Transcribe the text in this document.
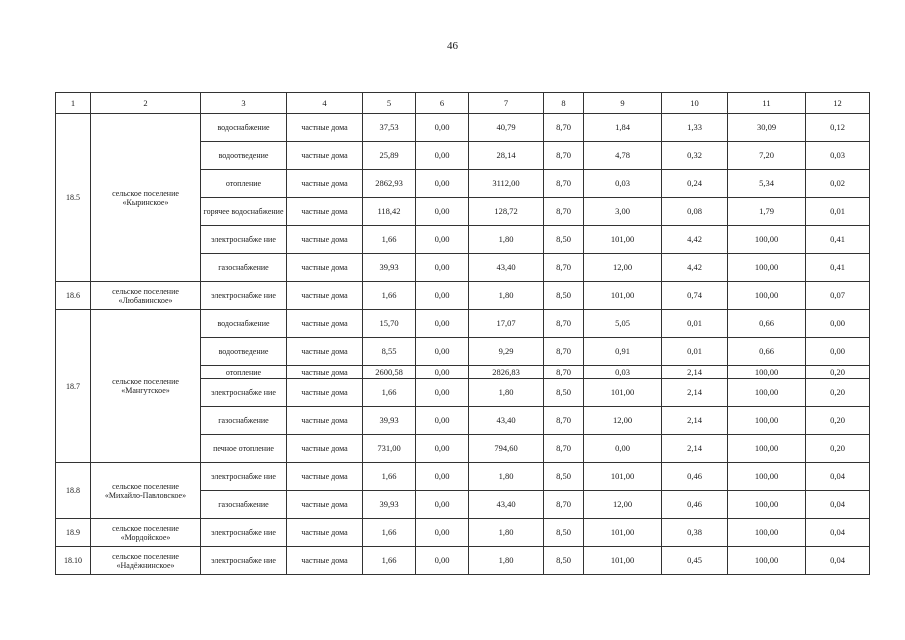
46
1	2	3	4	5	6	7	8	9	10	11	12
18.5	сельское поселение «Кыринское»	водоснабжение	частные дома	37,53	0,00	40,79	8,70	1,84	1,33	30,09	0,12
		водоотведение	частные дома	25,89	0,00	28,14	8,70	4,78	0,32	7,20	0,03
		отопление	частные дома	2862,93	0,00	3112,00	8,70	0,03	0,24	5,34	0,02
		горячее водоснабжение	частные дома	118,42	0,00	128,72	8,70	3,00	0,08	1,79	0,01
		электроснабже ние	частные дома	1,66	0,00	1,80	8,50	101,00	4,42	100,00	0,41
		газоснабжение	частные дома	39,93	0,00	43,40	8,70	12,00	4,42	100,00	0,41
18.6	сельское поселение «Любавинское»	электроснабже ние	частные дома	1,66	0,00	1,80	8,50	101,00	0,74	100,00	0,07
18.7	сельское поселение «Мангутское»	водоснабжение	частные дома	15,70	0,00	17,07	8,70	5,05	0,01	0,66	0,00
		водоотведение	частные дома	8,55	0,00	9,29	8,70	0,91	0,01	0,66	0,00
		отопление	частные дома	2600,58	0,00	2826,83	8,70	0,03	2,14	100,00	0,20
		электроснабже ние	частные дома	1,66	0,00	1,80	8,50	101,00	2,14	100,00	0,20
		газоснабжение	частные дома	39,93	0,00	43,40	8,70	12,00	2,14	100,00	0,20
		печное отопление	частные дома	731,00	0,00	794,60	8,70	0,00	2,14	100,00	0,20
18.8	сельское поселение «Михайло-Павловское»	электроснабже ние	частные дома	1,66	0,00	1,80	8,50	101,00	0,46	100,00	0,04
		газоснабжение	частные дома	39,93	0,00	43,40	8,70	12,00	0,46	100,00	0,04
18.9	сельское поселение «Мордойское»	электроснабже ние	частные дома	1,66	0,00	1,80	8,50	101,00	0,38	100,00	0,04
18.10	сельское поселение «Надёжнинское»	электроснабже ние	частные дома	1,66	0,00	1,80	8,50	101,00	0,45	100,00	0,04
